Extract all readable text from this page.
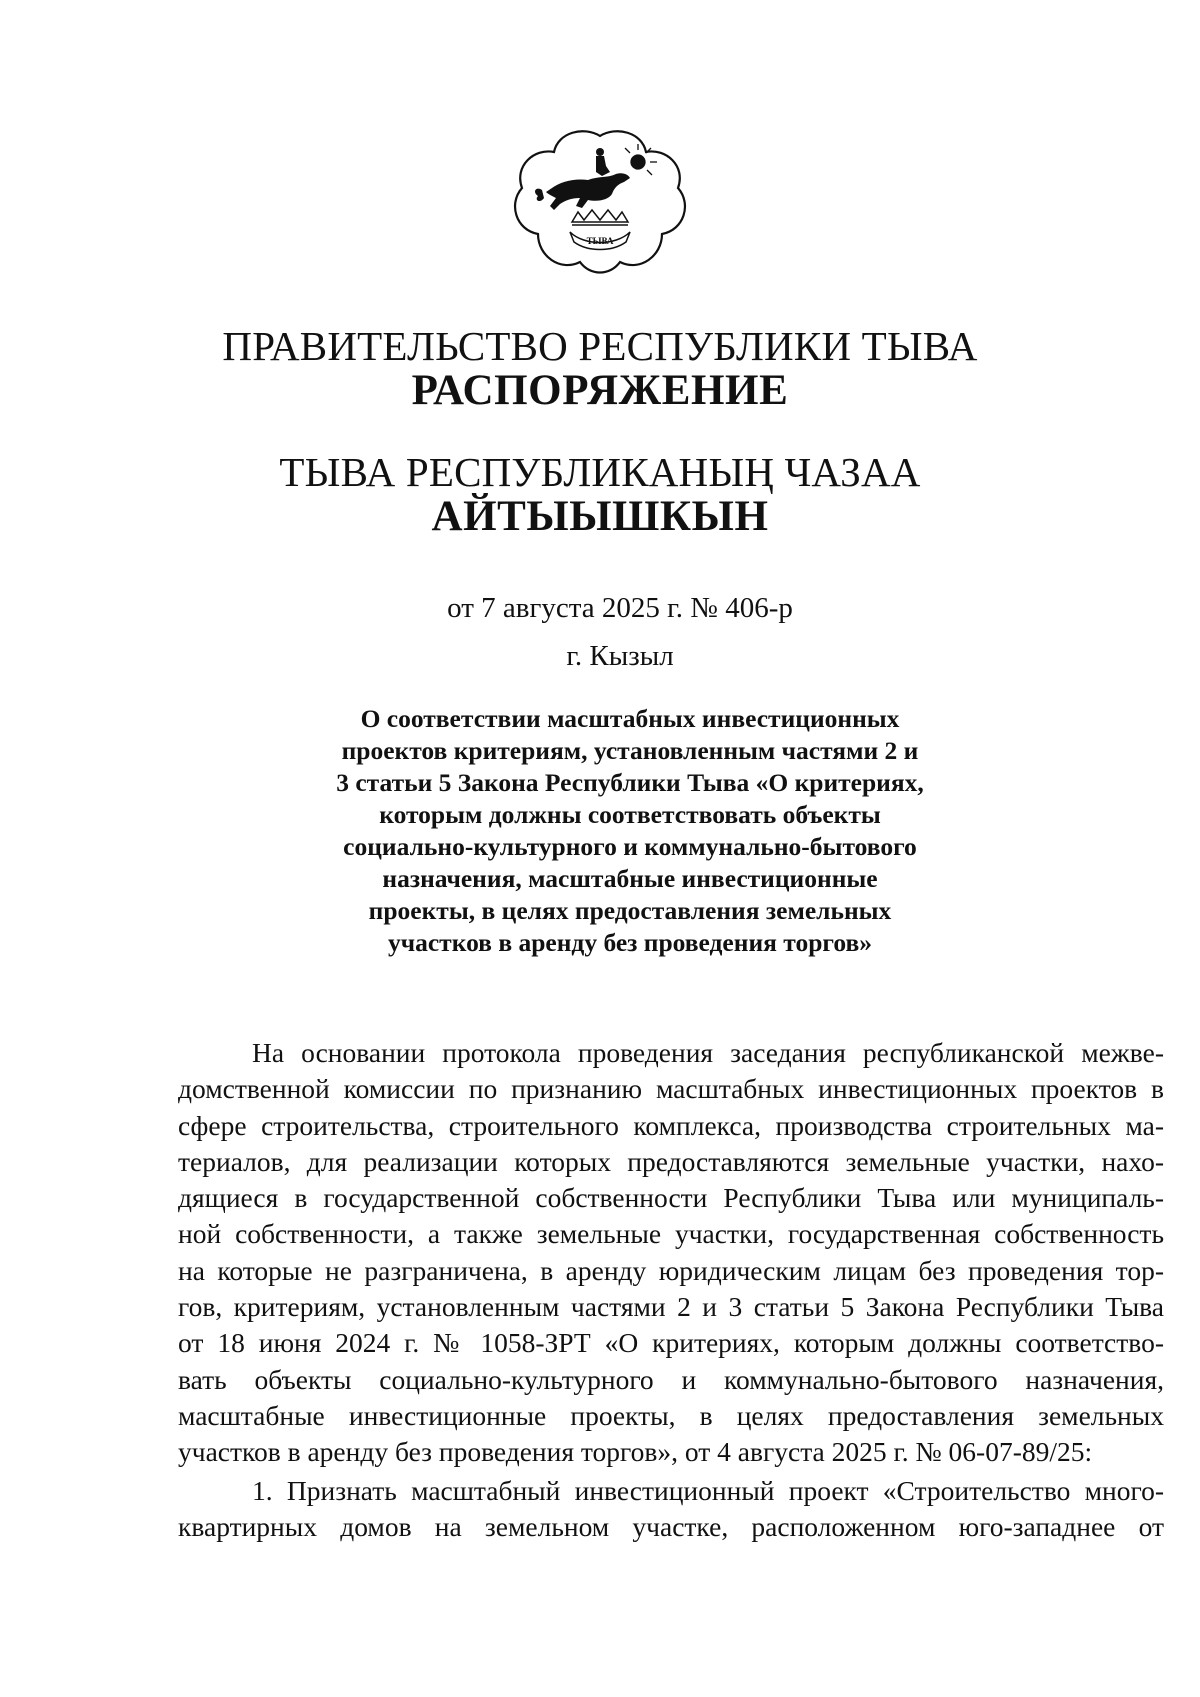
ТЫВА
ПРАВИТЕЛЬСТВО РЕСПУБЛИКИ ТЫВА
РАСПОРЯЖЕНИЕ
ТЫВА РЕСПУБЛИКАНЫҢ ЧАЗАА
АЙТЫЫШКЫН
от 7 августа 2025 г. № 406-р
г. Кызыл
О соответствии масштабных инвестиционных
проектов критериям, установленным частями 2 и
3 статьи 5 Закона Республики Тыва «О критериях,
которым должны соответствовать объекты
социально-культурного и коммунально-бытового
назначения, масштабные инвестиционные
проекты, в целях предоставления земельных
участков в аренду без проведения торгов»
На основании протокола проведения заседания республиканской межве-
домственной комиссии по признанию масштабных инвестиционных проектов в
сфере строительства, строительного комплекса, производства строительных ма-
териалов, для реализации которых предоставляются земельные участки, нахо-
дящиеся в государственной собственности Республики Тыва или муниципаль-
ной собственности, а также земельные участки, государственная собственность
на которые не разграничена, в аренду юридическим лицам без проведения тор-
гов, критериям, установленным частями 2 и 3 статьи 5 Закона Республики Тыва
от 18 июня 2024 г. № 1058-ЗРТ «О критериях, которым должны соответство-
вать объекты социально-культурного и коммунально-бытового назначения,
масштабные инвестиционные проекты, в целях предоставления земельных
участков в аренду без проведения торгов», от 4 августа 2025 г. № 06-07-89/25:
1. Признать масштабный инвестиционный проект «Строительство много-
квартирных домов на земельном участке, расположенном юго-западнее от
